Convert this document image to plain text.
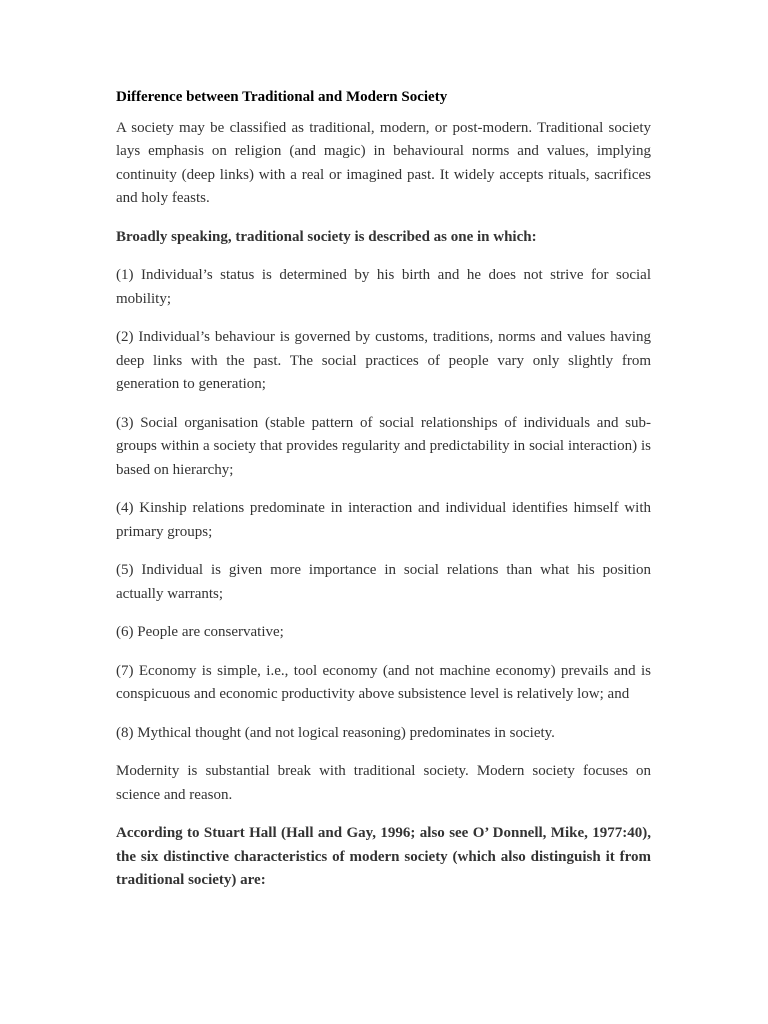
Difference between Traditional and Modern Society

A society may be classified as traditional, modern, or post-modern. Traditional society lays emphasis on religion (and magic) in behavioural norms and values, implying continuity (deep links) with a real or imagined past. It widely accepts rituals, sacrifices and holy feasts.

Broadly speaking, traditional society is described as one in which:

(1) Individual’s status is determined by his birth and he does not strive for social mobility;

(2) Individual’s behaviour is governed by customs, traditions, norms and values having deep links with the past. The social practices of people vary only slightly from generation to generation;

(3) Social organisation (stable pattern of social relationships of individuals and sub-groups within a society that provides regularity and predictability in social interaction) is based on hierarchy;

(4) Kinship relations predominate in interaction and individual identifies himself with primary groups;

(5) Individual is given more importance in social relations than what his position actually warrants;

(6) People are conservative;

(7) Economy is simple, i.e., tool economy (and not machine economy) prevails and is conspicuous and economic productivity above subsistence level is relatively low; and

(8) Mythical thought (and not logical reasoning) predominates in society.

Modernity is substantial break with traditional society. Modern society focuses on science and reason.

According to Stuart Hall (Hall and Gay, 1996; also see O’ Donnell, Mike, 1977:40), the six distinctive characteristics of modern society (which also distinguish it from traditional society) are:
